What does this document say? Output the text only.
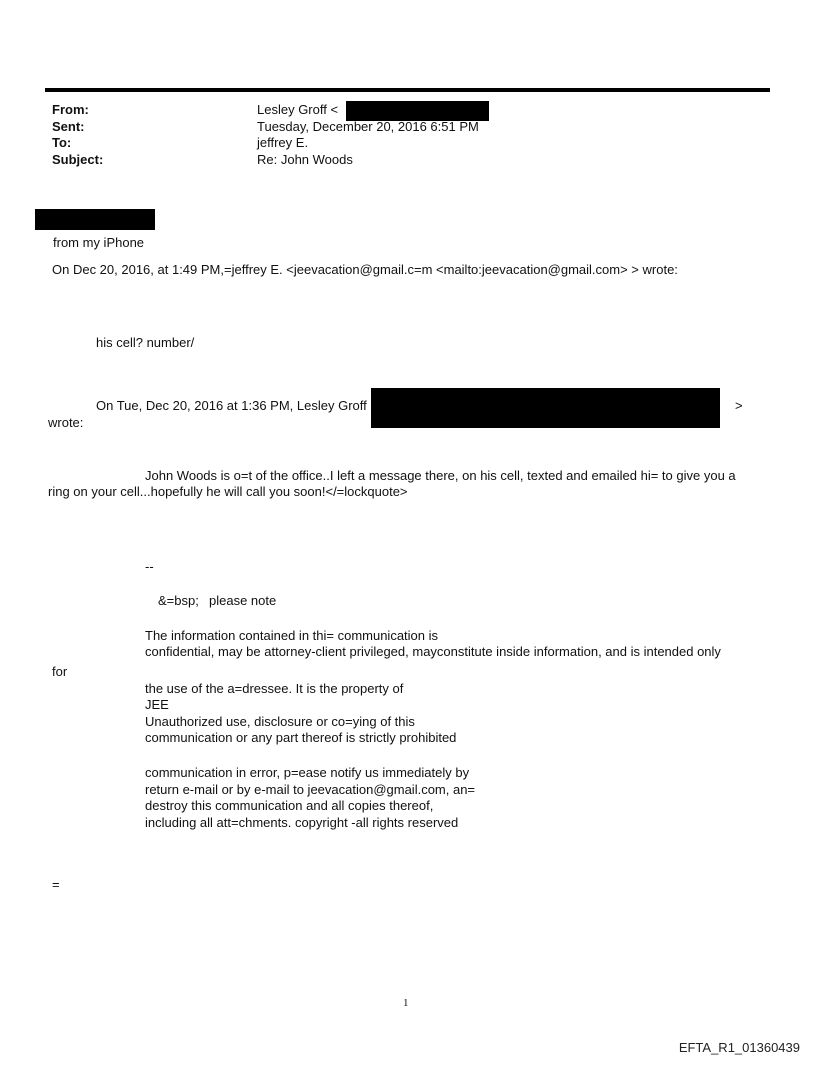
From:	Lesley Groff <
Sent:	Tuesday, December 20, 2016 6:51 PM
To:	jeffrey E.
Subject:	Re: John Woods
from my iPhone
On Dec 20, 2016, at 1:49 PM,=jeffrey E. <jeevacation@gmail.c=m <mailto:jeevacation@gmail.com> > wrote:
his cell? number/
On Tue, Dec 20, 2016 at 1:36 PM, Lesley Groff	>
wrote:
John Woods is o=t of the office..I left a message there, on his cell, texted and emailed hi= to give you a
ring on your cell...hopefully he will call you soon!</=lockquote>
--
&=bsp; please note
The information contained in thi= communication is
confidential, may be attorney-client privileged, mayconstitute inside information, and is intended only
for
the use of the a=dressee. It is the property of
JEE
Unauthorized use, disclosure or co=ying of this
communication or any part thereof is strictly prohibited
communication in error, p=ease notify us immediately by
return e-mail or by e-mail to jeevacation@gmail.com, an=
destroy this communication and all copies thereof,
including all att=chments. copyright -all rights reserved
=
1
EFTA_R1_01360439
